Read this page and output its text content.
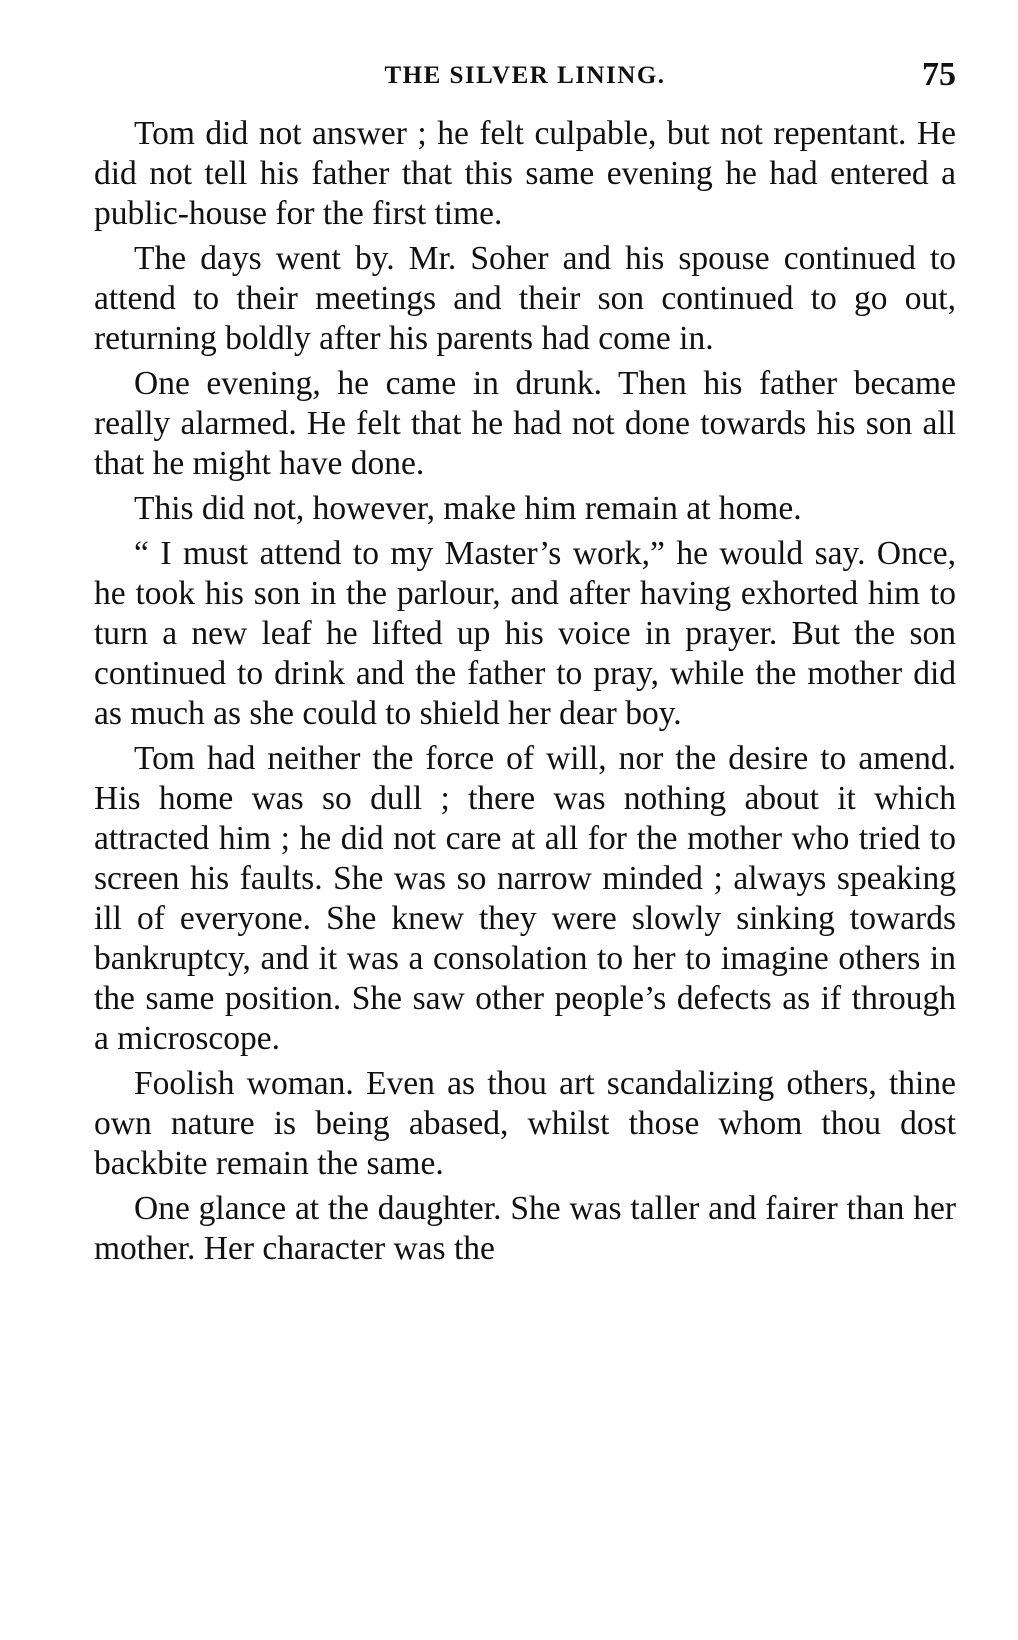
THE SILVER LINING.	75

Tom did not answer ; he felt culpable, but not repentant. He did not tell his father that this same evening he had entered a public-house for the first time.

The days went by. Mr. Soher and his spouse continued to attend to their meetings and their son continued to go out, returning boldly after his parents had come in.

One evening, he came in drunk. Then his father became really alarmed. He felt that he had not done towards his son all that he might have done.

This did not, however, make him remain at home.

“ I must attend to my Master’s work,” he would say. Once, he took his son in the parlour, and after having exhorted him to turn a new leaf he lifted up his voice in prayer. But the son continued to drink and the father to pray, while the mother did as much as she could to shield her dear boy.

Tom had neither the force of will, nor the desire to amend. His home was so dull ; there was nothing about it which attracted him ; he did not care at all for the mother who tried to screen his faults. She was so narrow minded ; always speaking ill of everyone. She knew they were slowly sinking towards bankruptcy, and it was a consolation to her to imagine others in the same position. She saw other people’s defects as if through a microscope.

Foolish woman. Even as thou art scandalizing others, thine own nature is being abased, whilst those whom thou dost backbite remain the same.

One glance at the daughter. She was taller and fairer than her mother. Her character was the
